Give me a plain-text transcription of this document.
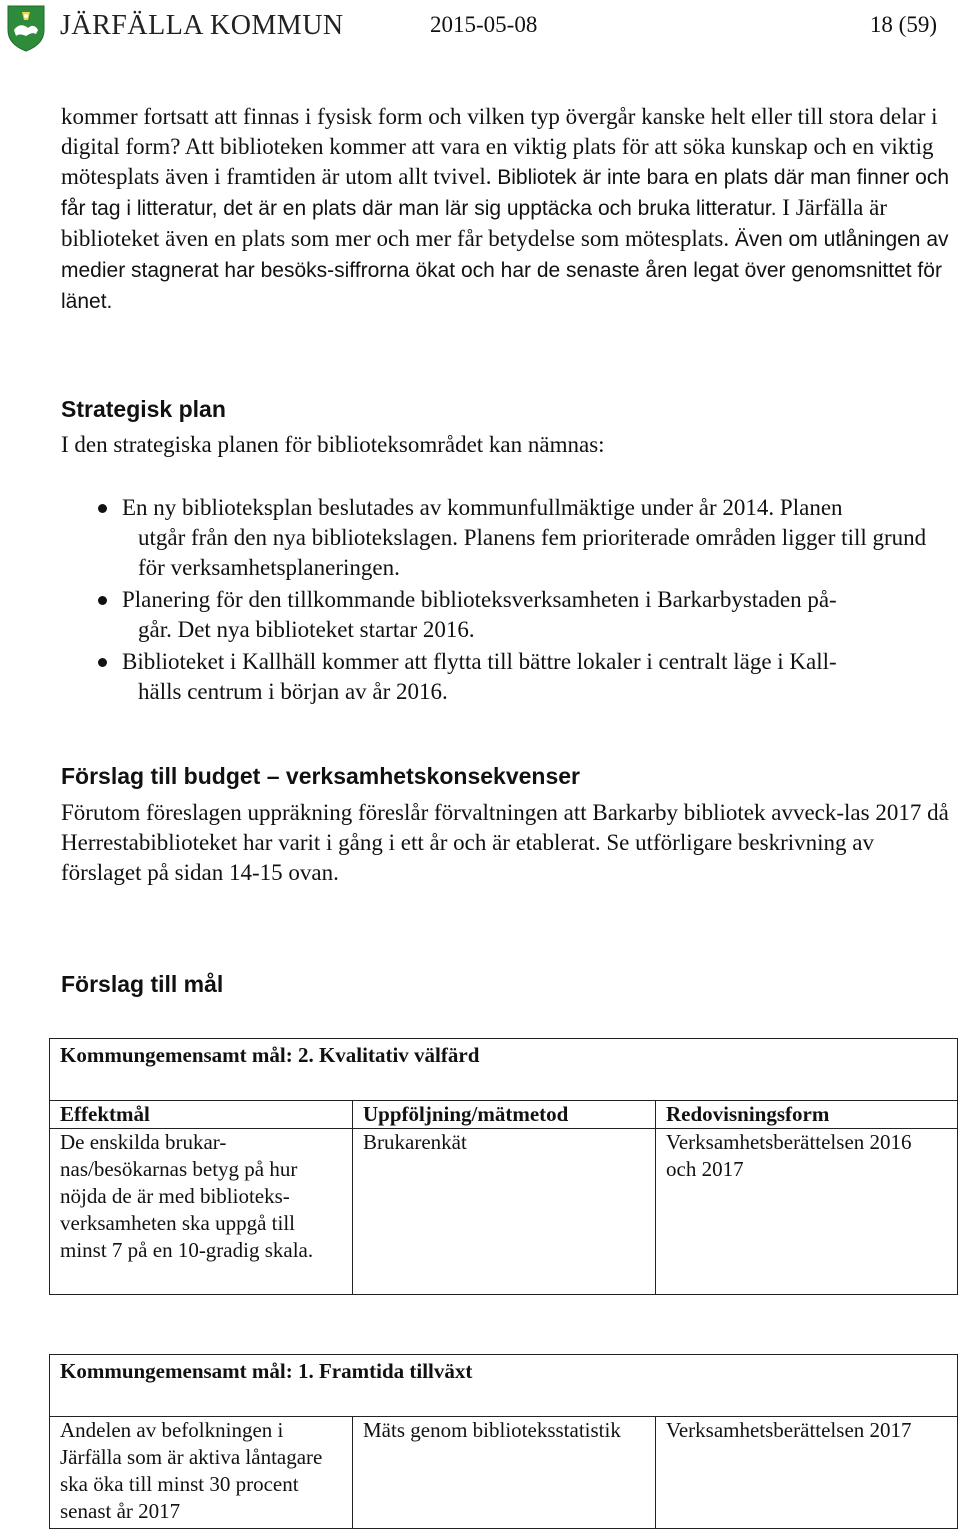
JÄRFÄLLA KOMMUN	2015-05-08	18 (59)

kommer fortsatt att finnas i fysisk form och vilken typ övergår kanske helt eller till stora delar i digital form? Att biblioteken kommer att vara en viktig plats för att söka kunskap och en viktig mötesplats även i framtiden är utom allt tvivel. Bibliotek är inte bara en plats där man finner och får tag i litteratur, det är en plats där man lär sig upptäcka och bruka litteratur. I Järfälla är biblioteket även en plats som mer och mer får betydelse som mötesplats. Även om utlåningen av medier stagnerat har besöks-siffrorna ökat och har de senaste åren legat över genomsnittet för länet.

Strategisk plan

I den strategiska planen för biblioteksområdet kan nämnas:

En ny biblioteksplan beslutades av kommunfullmäktige under år 2014. Planen
utgår från den nya bibliotekslagen. Planens fem prioriterade områden ligger till grund för verksamhetsplaneringen.
Planering för den tillkommande biblioteksverksamheten i Barkarbystaden på-
går. Det nya biblioteket startar 2016.
Biblioteket i Kallhäll kommer att flytta till bättre lokaler i centralt läge i Kall-
hälls centrum i början av år 2016.
Förslag till budget – verksamhetskonsekvenser

Förutom föreslagen uppräkning föreslår förvaltningen att Barkarby bibliotek avveck-las 2017 då Herrestabiblioteket har varit i gång i ett år och är etablerat. Se utförligare beskrivning av förslaget på sidan 14-15 ovan.

Förslag till mål
Kommungemensamt mål: 2. Kvalitativ välfärd		
Effektmål	Uppföljning/mätmetod	Redovisningsform
De enskilda brukar-nas/besökarnas betyg på hur nöjda de är med biblioteks-verksamheten ska uppgå till minst 7 på en 10-gradig skala.	Brukarenkät	Verksamhetsberättelsen 2016 och 2017
Kommungemensamt mål: 1. Framtida tillväxt
Andelen av befolkningen i Järfälla som är aktiva låntagare ska öka till minst 30 procent senast år 2017	Mäts genom biblioteksstatistik	Verksamhetsberättelsen 2017
